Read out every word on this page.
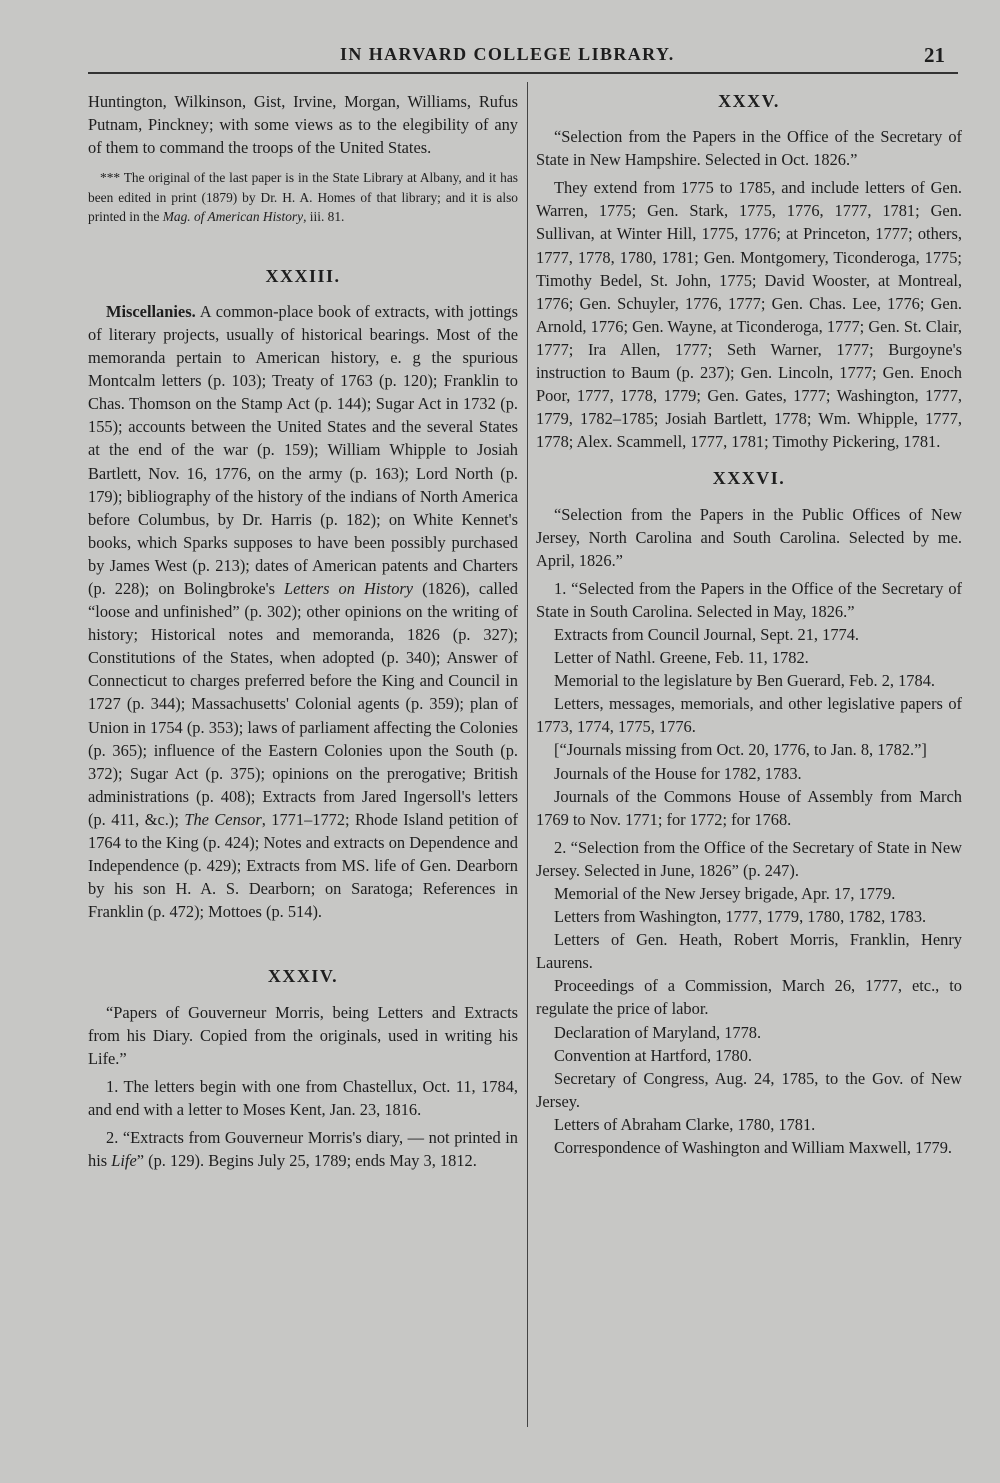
IN HARVARD COLLEGE LIBRARY.	21

Huntington, Wilkinson, Gist, Irvine, Morgan, Williams, Rufus Putnam, Pinckney; with some views as to the elegibility of any of them to command the troops of the United States.

*** The original of the last paper is in the State Library at Albany, and it has been edited in print (1879) by Dr. H. A. Homes of that library; and it is also printed in the Mag. of American History, iii. 81.

XXXIII.

Miscellanies. A common-place book of extracts, with jottings of literary projects, usually of historical bearings. Most of the memoranda pertain to American history, e. g the spurious Montcalm letters (p. 103); Treaty of 1763 (p. 120); Franklin to Chas. Thomson on the Stamp Act (p. 144); Sugar Act in 1732 (p. 155); accounts between the United States and the several States at the end of the war (p. 159); William Whipple to Josiah Bartlett, Nov. 16, 1776, on the army (p. 163); Lord North (p. 179); bibliography of the history of the indians of North America before Columbus, by Dr. Harris (p. 182); on White Kennet's books, which Sparks supposes to have been possibly purchased by James West (p. 213); dates of American patents and Charters (p. 228); on Bolingbroke's Letters on History (1826), called “loose and unfinished” (p. 302); other opinions on the writing of history; Historical notes and memoranda, 1826 (p. 327); Constitutions of the States, when adopted (p. 340); Answer of Connecticut to charges preferred before the King and Council in 1727 (p. 344); Massachusetts' Colonial agents (p. 359); plan of Union in 1754 (p. 353); laws of parliament affecting the Colonies (p. 365); influence of the Eastern Colonies upon the South (p. 372); Sugar Act (p. 375); opinions on the prerogative; British administrations (p. 408); Extracts from Jared Ingersoll's letters (p. 411, &c.); The Censor, 1771–1772; Rhode Island petition of 1764 to the King (p. 424); Notes and extracts on Dependence and Independence (p. 429); Extracts from MS. life of Gen. Dearborn by his son H. A. S. Dearborn; on Saratoga; References in Franklin (p. 472); Mottoes (p. 514).

XXXIV.

“Papers of Gouverneur Morris, being Letters and Extracts from his Diary. Copied from the originals, used in writing his Life.”

1. The letters begin with one from Chastellux, Oct. 11, 1784, and end with a letter to Moses Kent, Jan. 23, 1816.

2. “Extracts from Gouverneur Morris's diary, — not printed in his Life” (p. 129). Begins July 25, 1789; ends May 3, 1812.

XXXV.

“Selection from the Papers in the Office of the Secretary of State in New Hampshire. Selected in Oct. 1826.”

They extend from 1775 to 1785, and include letters of Gen. Warren, 1775; Gen. Stark, 1775, 1776, 1777, 1781; Gen. Sullivan, at Winter Hill, 1775, 1776; at Princeton, 1777; others, 1777, 1778, 1780, 1781; Gen. Montgomery, Ticonderoga, 1775; Timothy Bedel, St. John, 1775; David Wooster, at Montreal, 1776; Gen. Schuyler, 1776, 1777; Gen. Chas. Lee, 1776; Gen. Arnold, 1776; Gen. Wayne, at Ticonderoga, 1777; Gen. St. Clair, 1777; Ira Allen, 1777; Seth Warner, 1777; Burgoyne's instruction to Baum (p. 237); Gen. Lincoln, 1777; Gen. Enoch Poor, 1777, 1778, 1779; Gen. Gates, 1777; Washington, 1777, 1779, 1782–1785; Josiah Bartlett, 1778; Wm. Whipple, 1777, 1778; Alex. Scammell, 1777, 1781; Timothy Pickering, 1781.

XXXVI.

“Selection from the Papers in the Public Offices of New Jersey, North Carolina and South Carolina. Selected by me. April, 1826.”

1. “Selected from the Papers in the Office of the Secretary of State in South Carolina. Selected in May, 1826.”

Extracts from Council Journal, Sept. 21, 1774.

Letter of Nathl. Greene, Feb. 11, 1782.

Memorial to the legislature by Ben Guerard, Feb. 2, 1784.

Letters, messages, memorials, and other legislative papers of 1773, 1774, 1775, 1776.

[“Journals missing from Oct. 20, 1776, to Jan. 8, 1782.”]

Journals of the House for 1782, 1783.

Journals of the Commons House of Assembly from March 1769 to Nov. 1771; for 1772; for 1768.

2. “Selection from the Office of the Secretary of State in New Jersey. Selected in June, 1826” (p. 247).

Memorial of the New Jersey brigade, Apr. 17, 1779.

Letters from Washington, 1777, 1779, 1780, 1782, 1783.

Letters of Gen. Heath, Robert Morris, Franklin, Henry Laurens.

Proceedings of a Commission, March 26, 1777, etc., to regulate the price of labor.

Declaration of Maryland, 1778.

Convention at Hartford, 1780.

Secretary of Congress, Aug. 24, 1785, to the Gov. of New Jersey.

Letters of Abraham Clarke, 1780, 1781.

Correspondence of Washington and William Maxwell, 1779.
